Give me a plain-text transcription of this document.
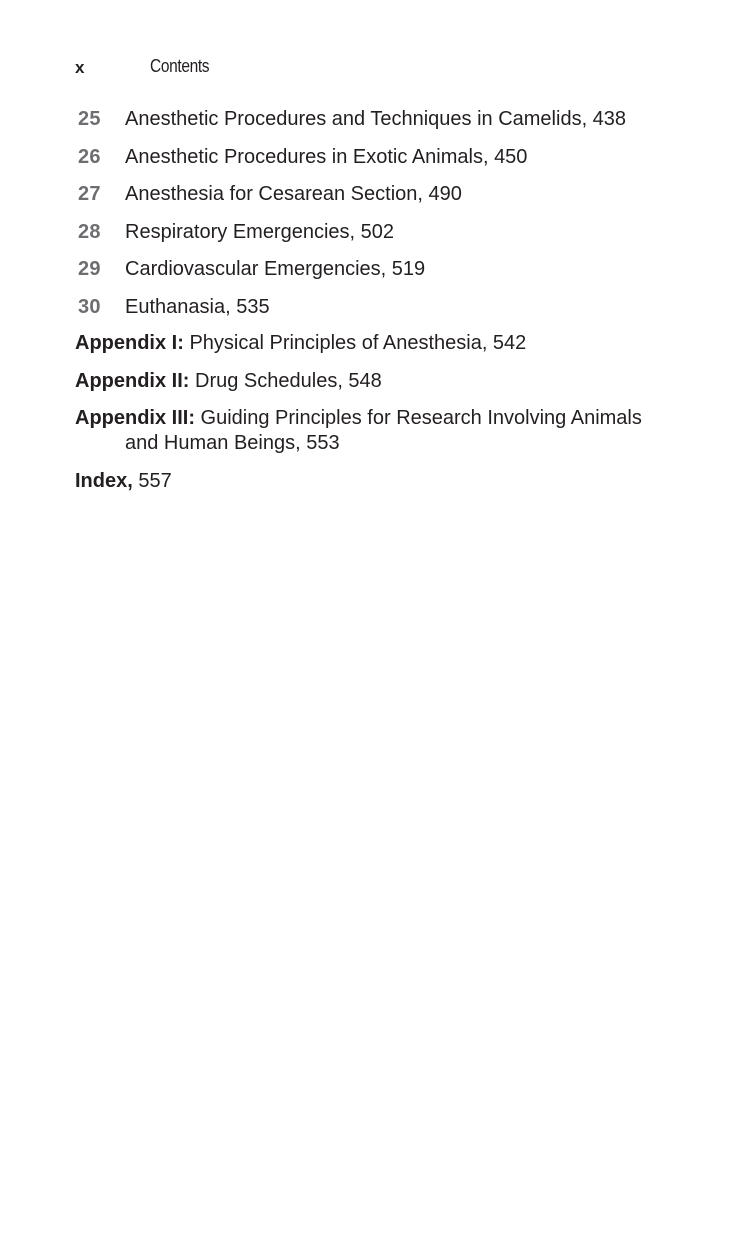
x	Contents
25	Anesthetic Procedures and Techniques in Camelids, 438
26	Anesthetic Procedures in Exotic Animals, 450
27	Anesthesia for Cesarean Section, 490
28	Respiratory Emergencies, 502
29	Cardiovascular Emergencies, 519
30	Euthanasia, 535
Appendix I: Physical Principles of Anesthesia, 542
Appendix II: Drug Schedules, 548
Appendix III: Guiding Principles for Research Involving Animals and Human Beings, 553
Index, 557
